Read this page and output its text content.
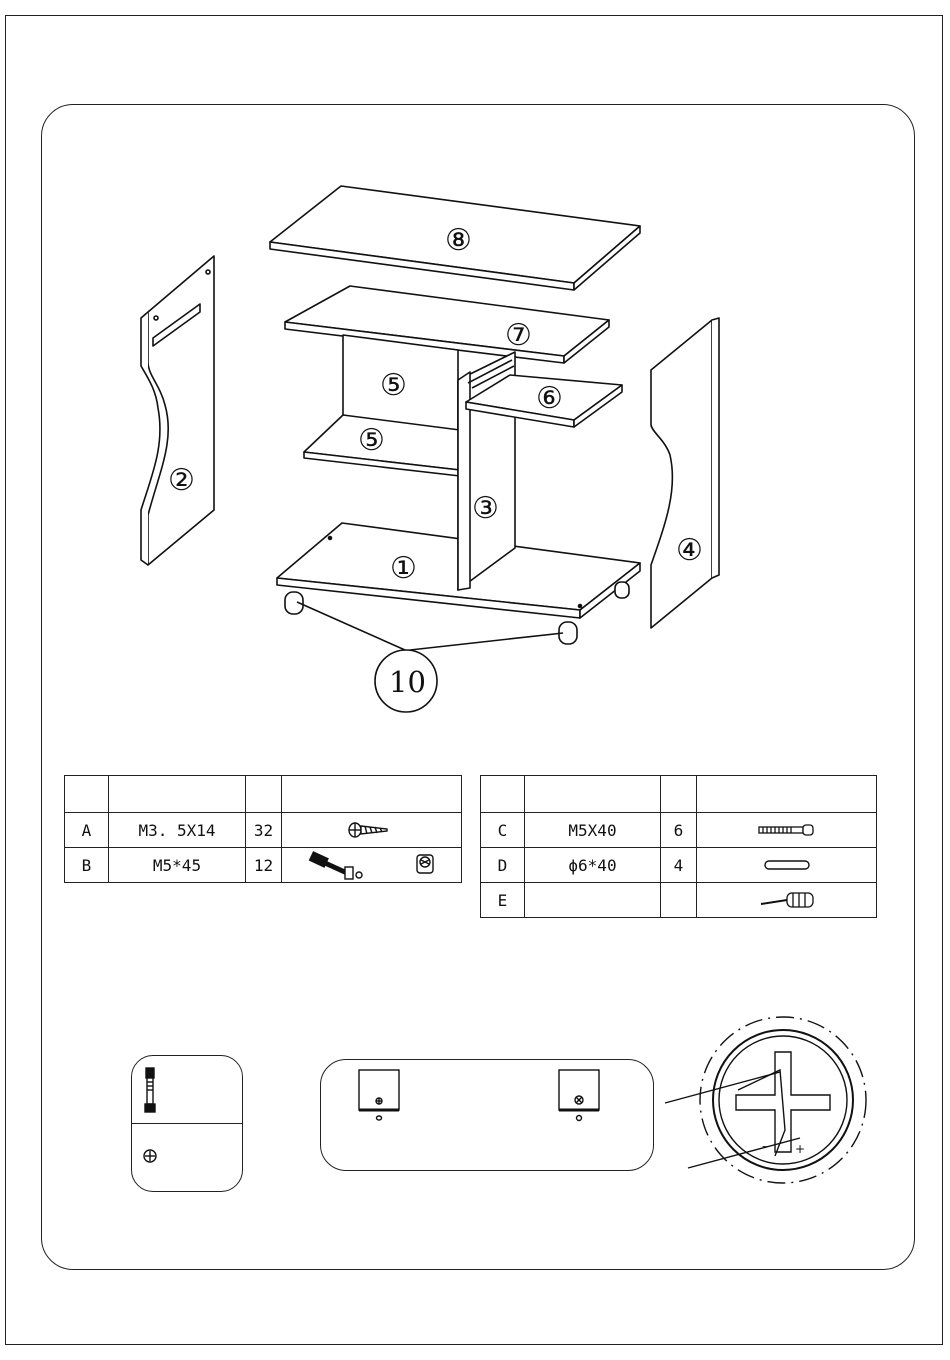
⑧
⑦
⑤
⑤
⑥
③
①
②
④
10

A	M3. 5X14	32	

B	M5*45	12	

C	M5X40	6	

D	ϕ6*40	4	

E			
+
–
